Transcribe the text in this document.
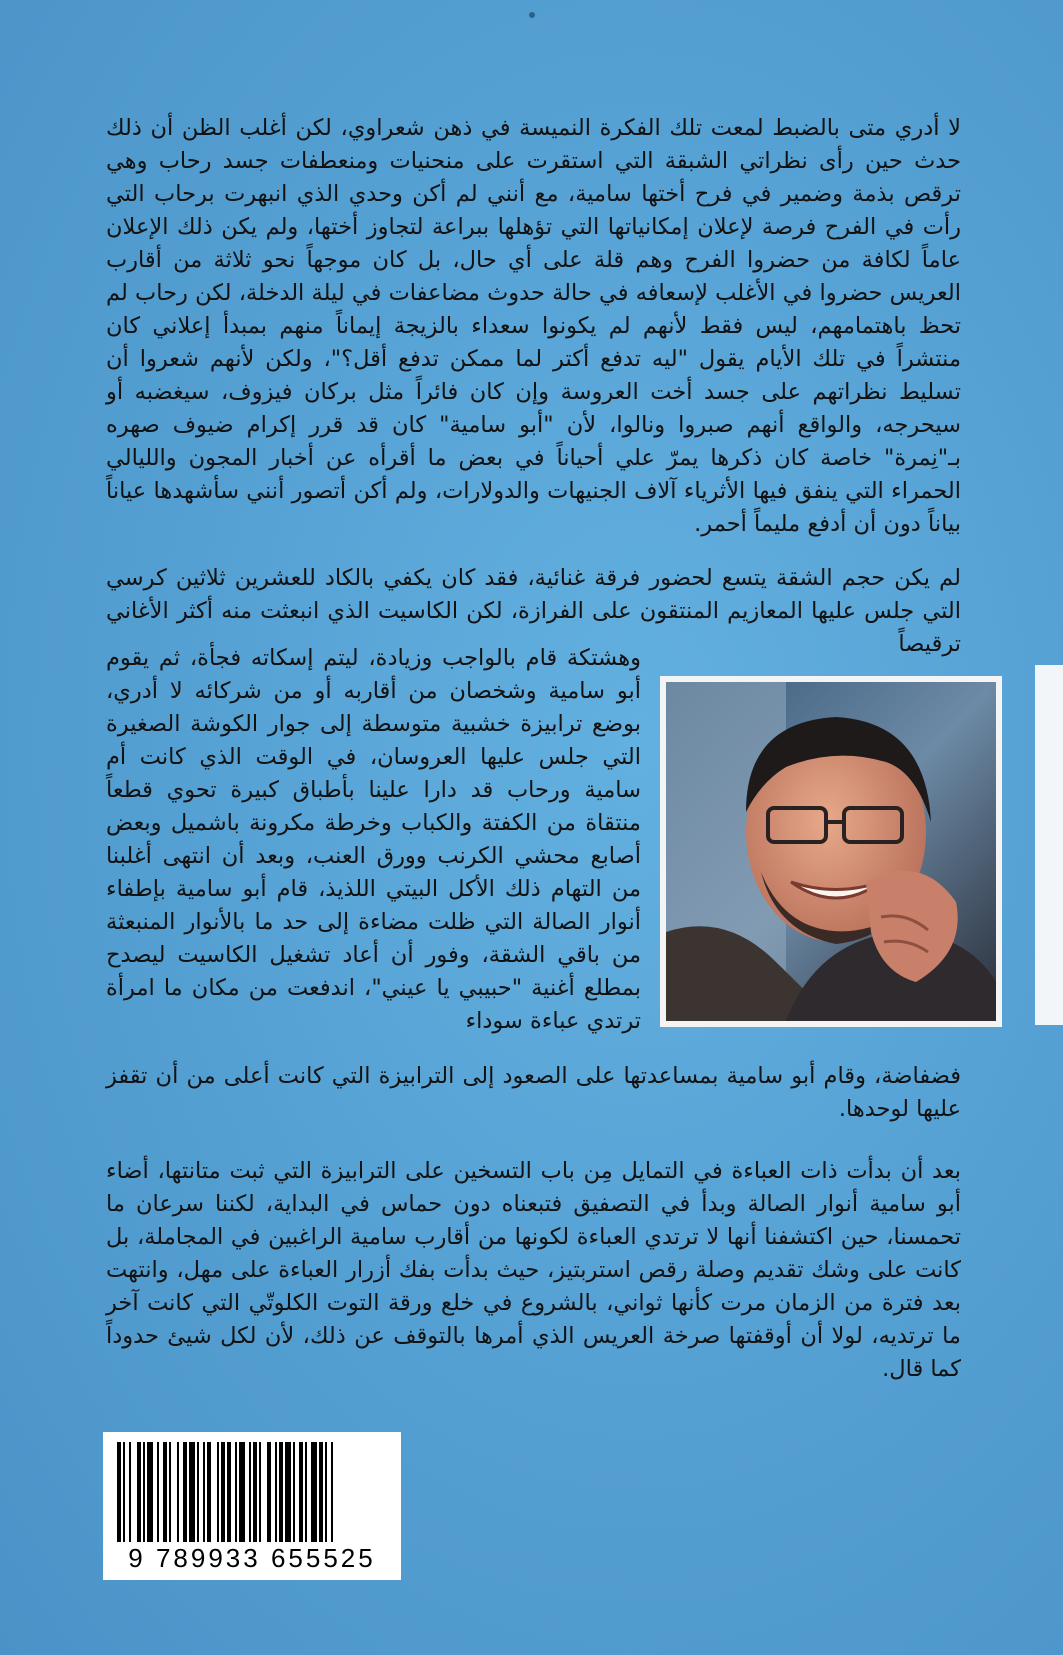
لا أدري متى بالضبط لمعت تلك الفكرة النميسة في ذهن شعراوي، لكن أغلب الظن أن ذلك حدث حين رأى نظراتي الشبقة التي استقرت على منحنيات ومنعطفات جسد رحاب وهي ترقص بذمة وضمير في فرح أختها سامية، مع أنني لم أكن وحدي الذي انبهرت برحاب التي رأت في الفرح فرصة لإعلان إمكانياتها التي تؤهلها ببراعة لتجاوز أختها، ولم يكن ذلك الإعلان عاماً لكافة من حضروا الفرح وهم قلة على أي حال، بل كان موجهاً نحو ثلاثة من أقارب العريس حضروا في الأغلب لإسعافه في حالة حدوث مضاعفات في ليلة الدخلة، لكن رحاب لم تحظ باهتمامهم، ليس فقط لأنهم لم يكونوا سعداء بالزيجة إيماناً منهم بمبدأ إعلاني كان منتشراً في تلك الأيام يقول "ليه تدفع أكتر لما ممكن تدفع أقل؟"، ولكن لأنهم شعروا أن تسليط نظراتهم على جسد أخت العروسة وإن كان فائراً مثل بركان فيزوف، سيغضبه أو سيحرجه، والواقع أنهم صبروا ونالوا، لأن "أبو سامية" كان قد قرر إكرام ضيوف صهره بـ"نِمرة" خاصة كان ذكرها يمرّ علي أحياناً في بعض ما أقرأه عن أخبار المجون والليالي الحمراء التي ينفق فيها الأثرياء آلاف الجنيهات والدولارات، ولم أكن أتصور أنني سأشهدها عياناً بياناً دون أن أدفع مليماً أحمر.

لم يكن حجم الشقة يتسع لحضور فرقة غنائية، فقد كان يكفي بالكاد للعشرين ثلاثين كرسي التي جلس عليها المعازيم المنتقون على الفرازة، لكن الكاسيت الذي انبعثت منه أكثر الأغاني ترقيصاً

وهشتكة قام بالواجب وزيادة، ليتم إسكاته فجأة، ثم يقوم أبو سامية وشخصان من أقاربه أو من شركائه لا أدري، بوضع ترابيزة خشبية متوسطة إلى جوار الكوشة الصغيرة التي جلس عليها العروسان، في الوقت الذي كانت أم سامية ورحاب قد دارا علينا بأطباق كبيرة تحوي قطعاً منتقاة من الكفتة والكباب وخرطة مكرونة باشميل وبعض أصابع محشي الكرنب وورق العنب، وبعد أن انتهى أغلبنا من التهام ذلك الأكل البيتي اللذيذ، قام أبو سامية بإطفاء أنوار الصالة التي ظلت مضاءة إلى حد ما بالأنوار المنبعثة من باقي الشقة، وفور أن أعاد تشغيل الكاسيت ليصدح بمطلع أغنية "حبيبي يا عيني"، اندفعت من مكان ما امرأة ترتدي عباءة سوداء

فضفاضة، وقام أبو سامية بمساعدتها على الصعود إلى الترابيزة التي كانت أعلى من أن تقفز عليها لوحدها.

بعد أن بدأت ذات العباءة في التمايل مِن باب التسخين على الترابيزة التي ثبت متانتها، أضاء أبو سامية أنوار الصالة وبدأ في التصفيق فتبعناه دون حماس في البداية، لكننا سرعان ما تحمسنا، حين اكتشفنا أنها لا ترتدي العباءة لكونها من أقارب سامية الراغبين في المجاملة، بل كانت على وشك تقديم وصلة رقص استربتيز، حيث بدأت بفك أزرار العباءة على مهل، وانتهت بعد فترة من الزمان مرت كأنها ثواني، بالشروع في خلع ورقة التوت الكلوتّي التي كانت آخر ما ترتديه، لولا أن أوقفتها صرخة العريس الذي أمرها بالتوقف عن ذلك، لأن لكل شيئ حدوداً كما قال.

9 789933 655525
